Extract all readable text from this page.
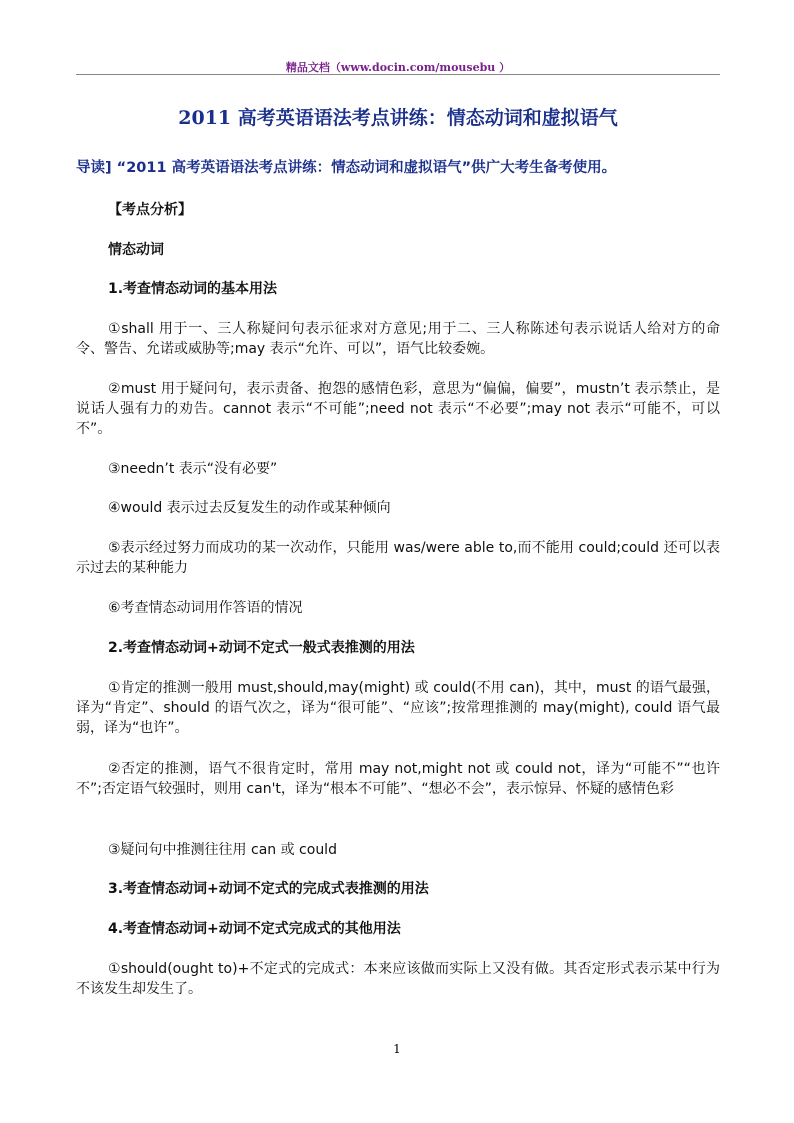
精品文档（www.docin.com/mousebu ）
2011 高考英语语法考点讲练：情态动词和虚拟语气
导读] “2011 高考英语语法考点讲练：情态动词和虚拟语气”供广大考生备考使用。
【考点分析】
情态动词
1.考查情态动词的基本用法
①shall 用于一、三人称疑问句表示征求对方意见;用于二、三人称陈述句表示说话人给对方的命令、警告、允诺或威胁等;may 表示“允许、可以”，语气比较委婉。
②must 用于疑问句，表示责备、抱怨的感情色彩，意思为“偏偏，偏要”，mustn’t 表示禁止，是说话人强有力的劝告。cannot 表示“不可能”;need not 表示“不必要”;may not 表示“可能不，可以不”。
③needn’t 表示“没有必要”
④would 表示过去反复发生的动作或某种倾向
⑤表示经过努力而成功的某一次动作，只能用 was/were able to,而不能用 could;could 还可以表示过去的某种能力
⑥考查情态动词用作答语的情况
2.考查情态动词+动词不定式一般式表推测的用法
①肯定的推测一般用 must,should,may(might) 或 could(不用 can)，其中，must 的语气最强，译为“肯定”、should 的语气次之，译为“很可能”、“应该”;按常理推测的 may(might), could 语气最弱，译为“也许”。
②否定的推测，语气不很肯定时，常用 may not,might not 或 could not，译为“可能不”“也许不”;否定语气较强时，则用 can't，译为“根本不可能”、“想必不会”，表示惊异、怀疑的感情色彩
③疑问句中推测往往用 can 或 could
3.考查情态动词+动词不定式的完成式表推测的用法
4.考查情态动词+动词不定式完成式的其他用法
①should(ought to)+不定式的完成式：本来应该做而实际上又没有做。其否定形式表示某中行为不该发生却发生了。
1
